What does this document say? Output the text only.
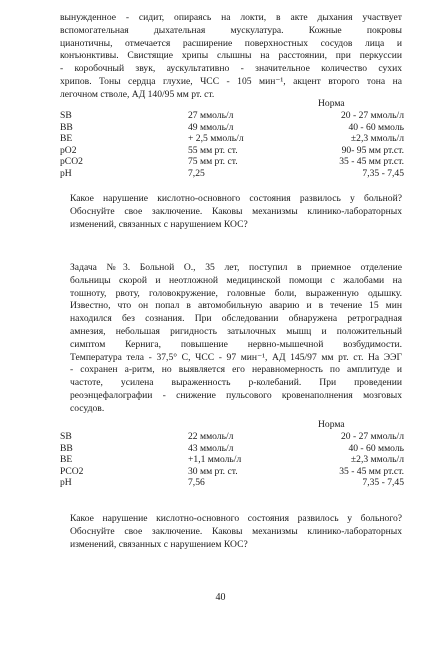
вынужденное - сидит, опираясь на локти, в акте дыхания участвует
вспомогательная дыхательная мускулатура. Кожные покровы
цианотичны, отмечается расширение поверхностных сосудов лица и
конъюнктивы. Свистящие хрипы слышны на расстоянии, при перкуссии
- коробочный звук, аускультативно - значительное количество сухих
хрипов. Тоны сердца глухие, ЧСС - 105 мин⁻¹, акцент второго тона на
легочном стволе, АД 140/95 мм рт. ст.
Норма
SB	27 ммоль/л	20 - 27 ммоль/л
BB	49 ммоль/л	40 - 60 ммоль
BE	+ 2,5 ммоль/л	±2,3 ммоль/л
pO2	55 мм рт. ст.	90- 95 мм рт.ст.
pCO2	75 мм рт. ст.	35 - 45 мм рт.ст.
pH	7,25	7,35 - 7,45
Какое нарушение кислотно-основного состояния развилось у больной?
Обоснуйте свое заключение. Каковы механизмы клинико-лабораторных
изменений, связанных с нарушением КОС?
Задача №3. Больной О., 35 лет, поступил в приемное отделение
больницы скорой и неотложной медицинской помощи с жалобами на
тошноту, рвоту, головокружение, головные боли, выраженную одышку.
Известно, что он попал в автомобильную аварию и в течение 15 мин
находился без сознания. При обследовании обнаружена ретроградная
амнезия, небольшая ригидность затылочных мышц и положительный
симптом Кернига, повышение нервно-мышечной возбудимости.
Температура тела - 37,5° С, ЧСС - 97 мин⁻¹, АД 145/97 мм рт. ст. На ЭЭГ
- сохранен а-ритм, но выявляется его неравномерность по амплитуде и
частоте, усилена выраженность р-колебаний. При проведении
реоэнцефалографии - снижение пульсового кровенаполнения мозговых
сосудов.
Норма
SB	22 ммоль/л	20 - 27 ммоль/л
BB	43 ммоль/л	40 - 60 ммоль
BE	+1,1 ммоль/л	±2,3 ммоль/л
PCO2	30 мм рт. ст.	35 - 45 мм рт.ст.
pH	7,56	7,35 - 7,45
Какое нарушение кислотно-основного состояния развилось у больного?
Обоснуйте свое заключение. Каковы механизмы клинико-лабораторных
изменений, связанных с нарушением КОС?
40
